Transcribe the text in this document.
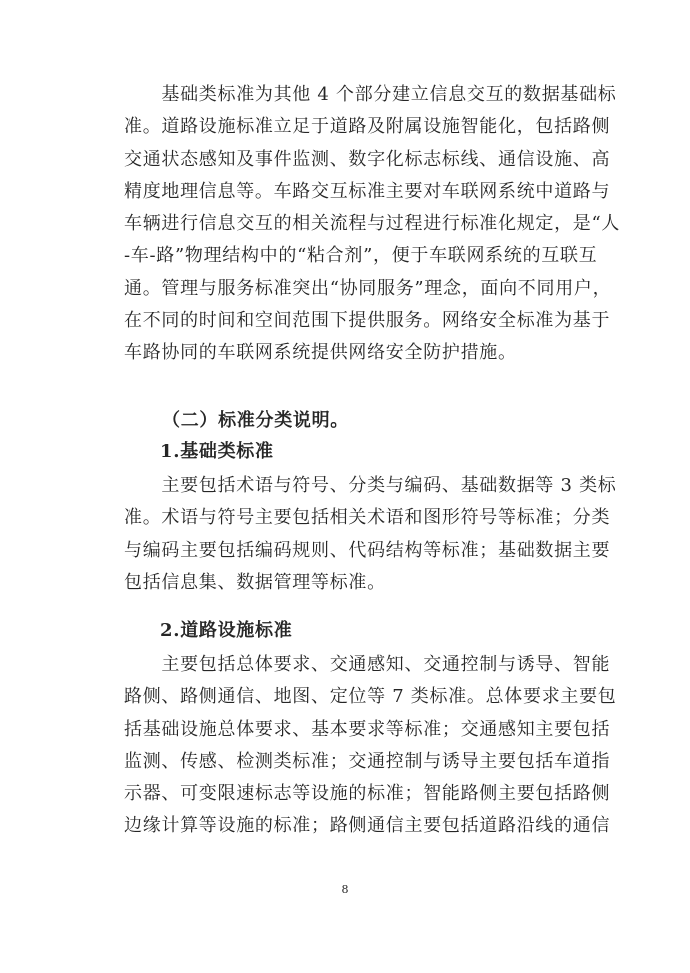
　　基础类标准为其他 4 个部分建立信息交互的数据基础标
准。道路设施标准立足于道路及附属设施智能化，包括路侧
交通状态感知及事件监测、数字化标志标线、通信设施、高
精度地理信息等。车路交互标准主要对车联网系统中道路与
车辆进行信息交互的相关流程与过程进行标准化规定，是“人
-车-路”物理结构中的“粘合剂”，便于车联网系统的互联互
通。管理与服务标准突出“协同服务”理念，面向不同用户，
在不同的时间和空间范围下提供服务。网络安全标准为基于
车路协同的车联网系统提供网络安全防护措施。

（二）标准分类说明。
1.基础类标准

　　主要包括术语与符号、分类与编码、基础数据等 3 类标
准。术语与符号主要包括相关术语和图形符号等标准；分类
与编码主要包括编码规则、代码结构等标准；基础数据主要
包括信息集、数据管理等标准。

2.道路设施标准

　　主要包括总体要求、交通感知、交通控制与诱导、智能
路侧、路侧通信、地图、定位等 7 类标准。总体要求主要包
括基础设施总体要求、基本要求等标准；交通感知主要包括
监测、传感、检测类标准；交通控制与诱导主要包括车道指
示器、可变限速标志等设施的标准；智能路侧主要包括路侧
边缘计算等设施的标准；路侧通信主要包括道路沿线的通信

8
